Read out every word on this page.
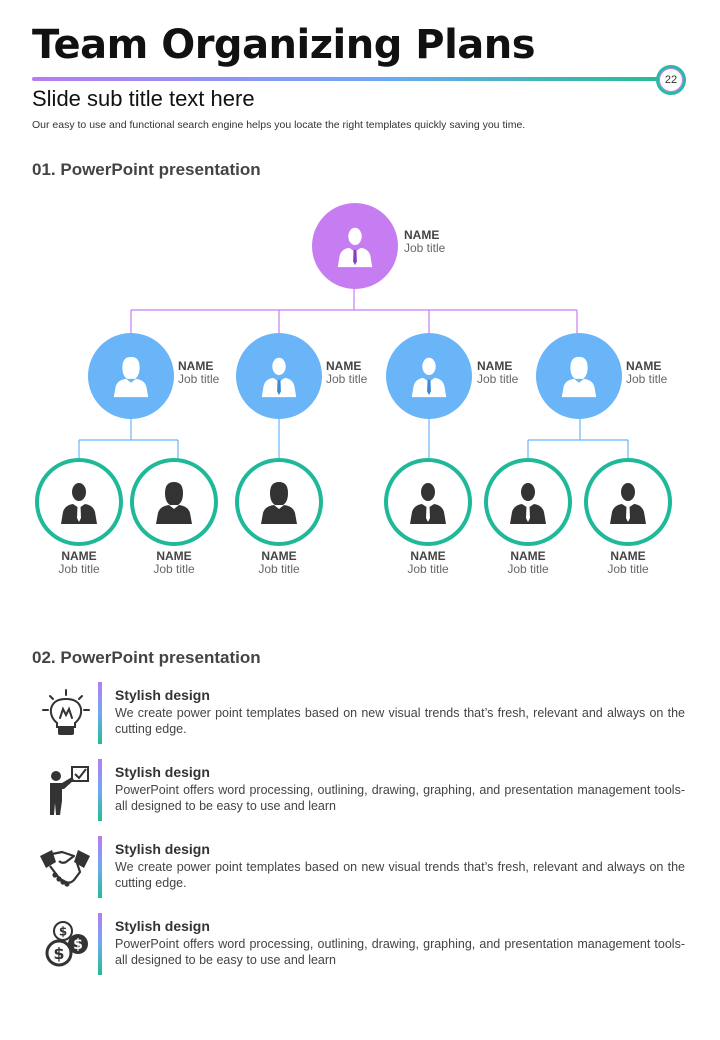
Team Organizing Plans
22
Slide sub title text here
Our easy to use and functional search engine helps you locate the right templates quickly saving you time.
01. PowerPoint presentation
NAME
Job title
NAME
Job title
NAME
Job title
NAME
Job title
NAME
Job title
NAME
Job title
NAME
Job title
NAME
Job title
NAME
Job title
NAME
Job title
NAME
Job title
02. PowerPoint presentation
Stylish design
We create power point templates based on new visual trends that’s fresh, relevant and always on the cutting edge.
Stylish design
PowerPoint offers word processing, outlining, drawing, graphing, and presentation management tools- all designed to be easy to use and learn
Stylish design
We create power point templates based on new visual trends that’s fresh, relevant and always on the cutting edge.
$
$
$
Stylish design
PowerPoint offers word processing, outlining, drawing, graphing, and presentation management tools- all designed to be easy to use and learn
